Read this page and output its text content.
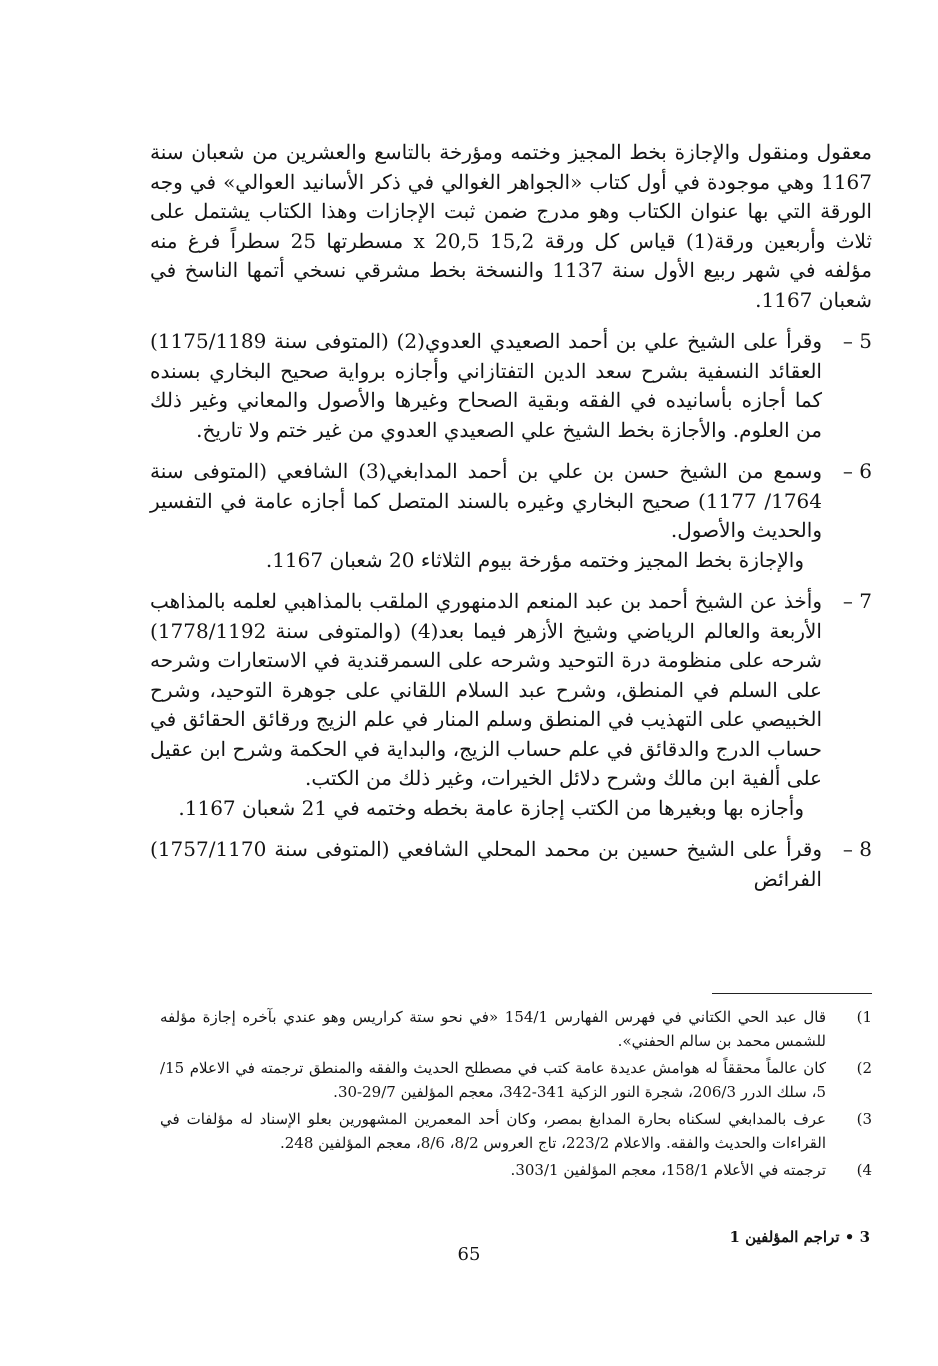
معقول ومنقول والإجازة بخط المجيز وختمه ومؤرخة بالتاسع والعشرين من شعبان سنة 1167 وهي موجودة في أول كتاب «الجواهر الغوالي في ذكر الأسانيد العوالي» في وجه الورقة التي بها عنوان الكتاب وهو مدرج ضمن ثبت الإجازات وهذا الكتاب يشتمل على ثلاث وأربعين ورقة(1) قياس كل ورقة 15,2 x 20,5 مسطرتها 25 سطراً فرغ منه مؤلفه في شهر ربيع الأول سنة 1137 والنسخة بخط مشرقي نسخي أتمها الناسخ في شعبان 1167.

5 –
وقرأ على الشيخ علي بن أحمد الصعيدي العدوي(2) (المتوفى سنة 1175/1189) العقائد النسفية بشرح سعد الدين التفتازاني وأجازه برواية صحيح البخاري بسنده كما أجازه بأسانيده في الفقه وبقية الصحاح وغيرها والأصول والمعاني وغير ذلك من العلوم. والأجازة بخط الشيخ علي الصعيدي العدوي من غير ختم ولا تاريخ.
6 –
وسمع من الشيخ حسن بن علي بن أحمد المدابغي(3) الشافعي (المتوفى سنة 1764/ 1177) صحيح البخاري وغيره بالسند المتصل كما أجازه عامة في التفسير والحديث والأصول.

والإجازة بخط المجيز وختمه مؤرخة بيوم الثلاثاء 20 شعبان 1167.

7 –
وأخذ عن الشيخ أحمد بن عبد المنعم الدمنهوري الملقب بالمذاهبي لعلمه بالمذاهب الأربعة والعالم الرياضي وشيخ الأزهر فيما بعد(4) (والمتوفى سنة 1778/1192) شرحه على منظومة درة التوحيد وشرحه على السمرقندية في الاستعارات وشرحه على السلم في المنطق، وشرح عبد السلام اللقاني على جوهرة التوحيد، وشرح الخبيصي على التهذيب في المنطق وسلم المنار في علم الزيج ورقائق الحقائق في حساب الدرج والدقائق في علم حساب الزيج، والبداية في الحكمة وشرح ابن عقيل على ألفية ابن مالك وشرح دلائل الخيرات، وغير ذلك من الكتب.

وأجازه بها وبغيرها من الكتب إجازة عامة بخطه وختمه في 21 شعبان 1167.

8 –
وقرأ على الشيخ حسين بن محمد المحلي الشافعي (المتوفى سنة 1757/1170) الفرائض
1)
قال عبد الحي الكتاني في فهرس الفهارس 154/1 «في نحو ستة كراريس وهو عندي بآخره إجازة مؤلفه للشمس محمد بن سالم الحفني».
2)
كان عالماً محققاً له هوامش عديدة عامة كتب في مصطلح الحديث والفقه والمنطق ترجمته في الاعلام 15/ 5، سلك الدرر 206/3، شجرة النور الزكية 341-342، معجم المؤلفين 29/7-30.
3)
عرف بالمدابغي لسكناه بحارة المدابغ بمصر، وكان أحد المعمرين المشهورين بعلو الإسناد له مؤلفات في القراءات والحديث والفقه. والاعلام 223/2، تاج العروس 8/2، 8/6، معجم المؤلفين 248.
4)
ترجمته في الأعلام 158/1، معجم المؤلفين 303/1.
3 • تراجم المؤلفين 1
65
